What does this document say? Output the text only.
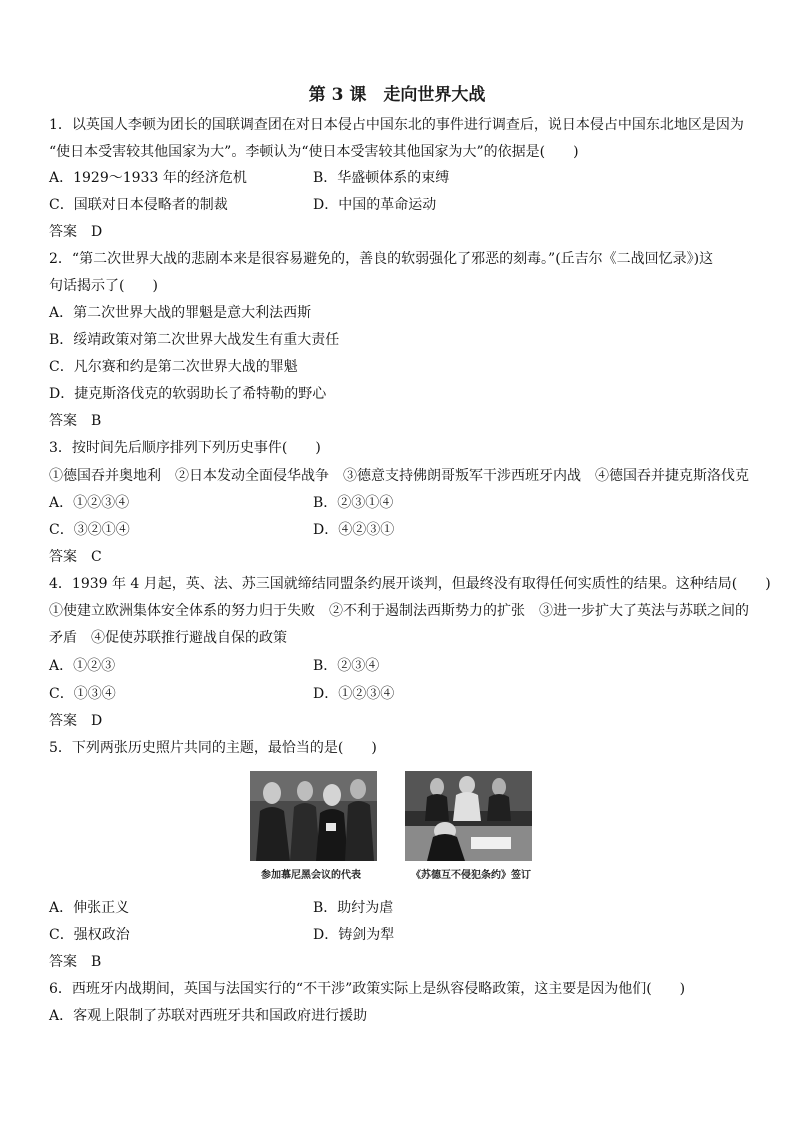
第 3 课　走向世界大战
1．以英国人李顿为团长的国联调查团在对日本侵占中国东北的事件进行调查后，说日本侵占中国东北地区是因为
“使日本受害较其他国家为大”。李顿认为“使日本受害较其他国家为大”的依据是(　　)
A．1929～1933 年的经济危机	B．华盛顿体系的束缚
C．国联对日本侵略者的制裁	D．中国的革命运动
答案　D
2．“第二次世界大战的悲剧本来是很容易避免的，善良的软弱强化了邪恶的刻毒。”(丘吉尔《二战回忆录》)这
句话揭示了(　　)
A．第二次世界大战的罪魁是意大利法西斯
B．绥靖政策对第二次世界大战发生有重大责任
C．凡尔赛和约是第二次世界大战的罪魁
D．捷克斯洛伐克的软弱助长了希特勒的野心
答案　B
3．按时间先后顺序排列下列历史事件(　　)
①德国吞并奥地利　②日本发动全面侵华战争　③德意支持佛朗哥叛军干涉西班牙内战　④德国吞并捷克斯洛伐克
A．①②③④	B．②③①④
C．③②①④	D．④②③①
答案　C
4．1939 年 4 月起，英、法、苏三国就缔结同盟条约展开谈判，但最终没有取得任何实质性的结果。这种结局(　　)
①使建立欧洲集体安全体系的努力归于失败　②不利于遏制法西斯势力的扩张　③进一步扩大了英法与苏联之间的
矛盾　④促使苏联推行避战自保的政策
A．①②③	B．②③④
C．①③④	D．①②③④
答案　D
5．下列两张历史照片共同的主题，最恰当的是(　　)
参加慕尼黑会议的代表	《苏德互不侵犯条约》签订
A．伸张正义	B．助纣为虐
C．强权政治	D．铸剑为犁
答案　B
6．西班牙内战期间，英国与法国实行的“不干涉”政策实际上是纵容侵略政策，这主要是因为他们(　　)
A．客观上限制了苏联对西班牙共和国政府进行援助
